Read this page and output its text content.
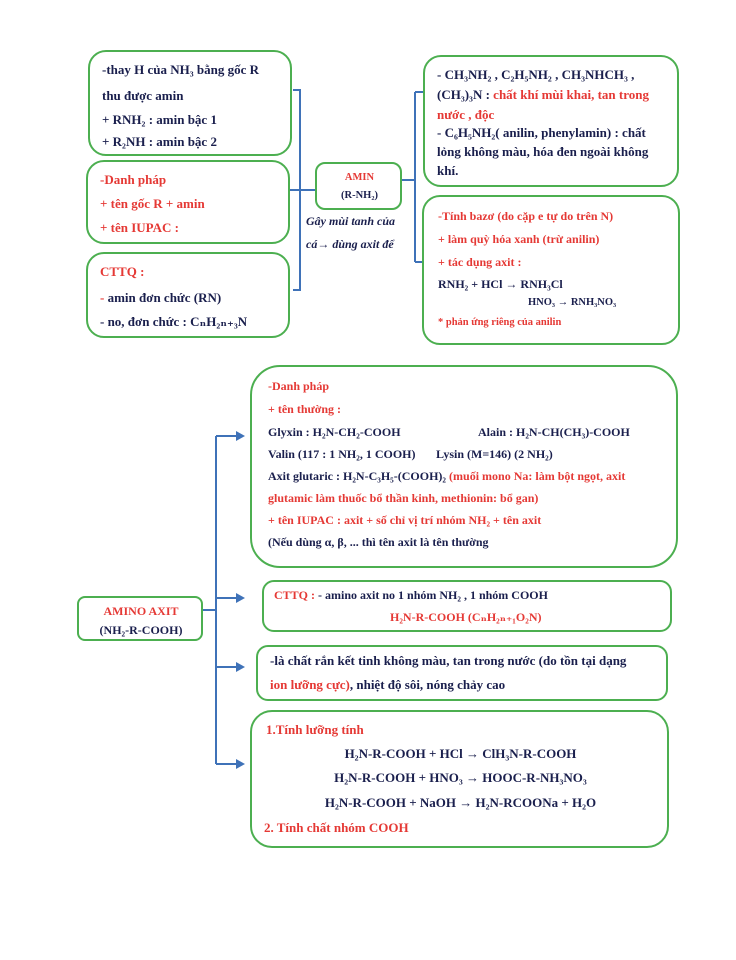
-thay H của NH₃ bằng gốc R
thu được amin
+ RNH₂ : amin bậc 1
+ R₂NH : amin bậc 2
-Danh pháp
+ tên gốc R + amin
+ tên IUPAC :
CTTQ :
- amin đơn chức (RN)
- no, đơn chức : CₙH₂ₙ₊₃N
AMIN
(R-NH₂)
Gây mùi tanh của
cá→ dùng axit để
- CH₃NH₂ , C₂H₅NH₂ , CH₃NHCH₃ ,
(CH₃)₃N : chất khí mùi khai, tan trong
nước , độc
- C₆H₅NH₂( anilin, phenylamin) : chất
lỏng không màu, hóa đen ngoài không
khí.
-Tính bazơ (do cặp e tự do trên N)
+ làm quỳ hóa xanh (trừ anilin)
+ tác dụng axit :
RNH₂ + HCl → RNH₃Cl
HNO₃ → RNH₃NO₃
* phản ứng riêng của anilin
AMINO AXIT
(NH₂-R-COOH)
-Danh pháp
+ tên thường :
Glyxin : H₂N-CH₂-COOH	Alain : H₂N-CH(CH₃)-COOH
Valin (117 : 1 NH₂, 1 COOH) Lysin (M=146) (2 NH₂)
Axit glutaric : H₂N-C₃H₅-(COOH)₂ (muối mono Na: làm bột ngọt, axit
glutamic làm thuốc bổ thần kinh, methionin: bổ gan)
+ tên IUPAC : axit + số chỉ vị trí nhóm NH₂ + tên axit
(Nếu dùng α, β, ... thì tên axit là tên thường
CTTQ : - amino axit no 1 nhóm NH₂ , 1 nhóm COOH
H₂N-R-COOH (CₙH₂ₙ₊₁O₂N)
-là chất rắn kết tinh không màu, tan trong nước (do tồn tại dạng
ion lưỡng cực), nhiệt độ sôi, nóng chảy cao
1.Tính lưỡng tính
H₂N-R-COOH + HCl → ClH₃N-R-COOH
H₂N-R-COOH + HNO₃ → HOOC-R-NH₃NO₃
H₂N-R-COOH + NaOH → H₂N-RCOONa + H₂O
2. Tính chất nhóm COOH
